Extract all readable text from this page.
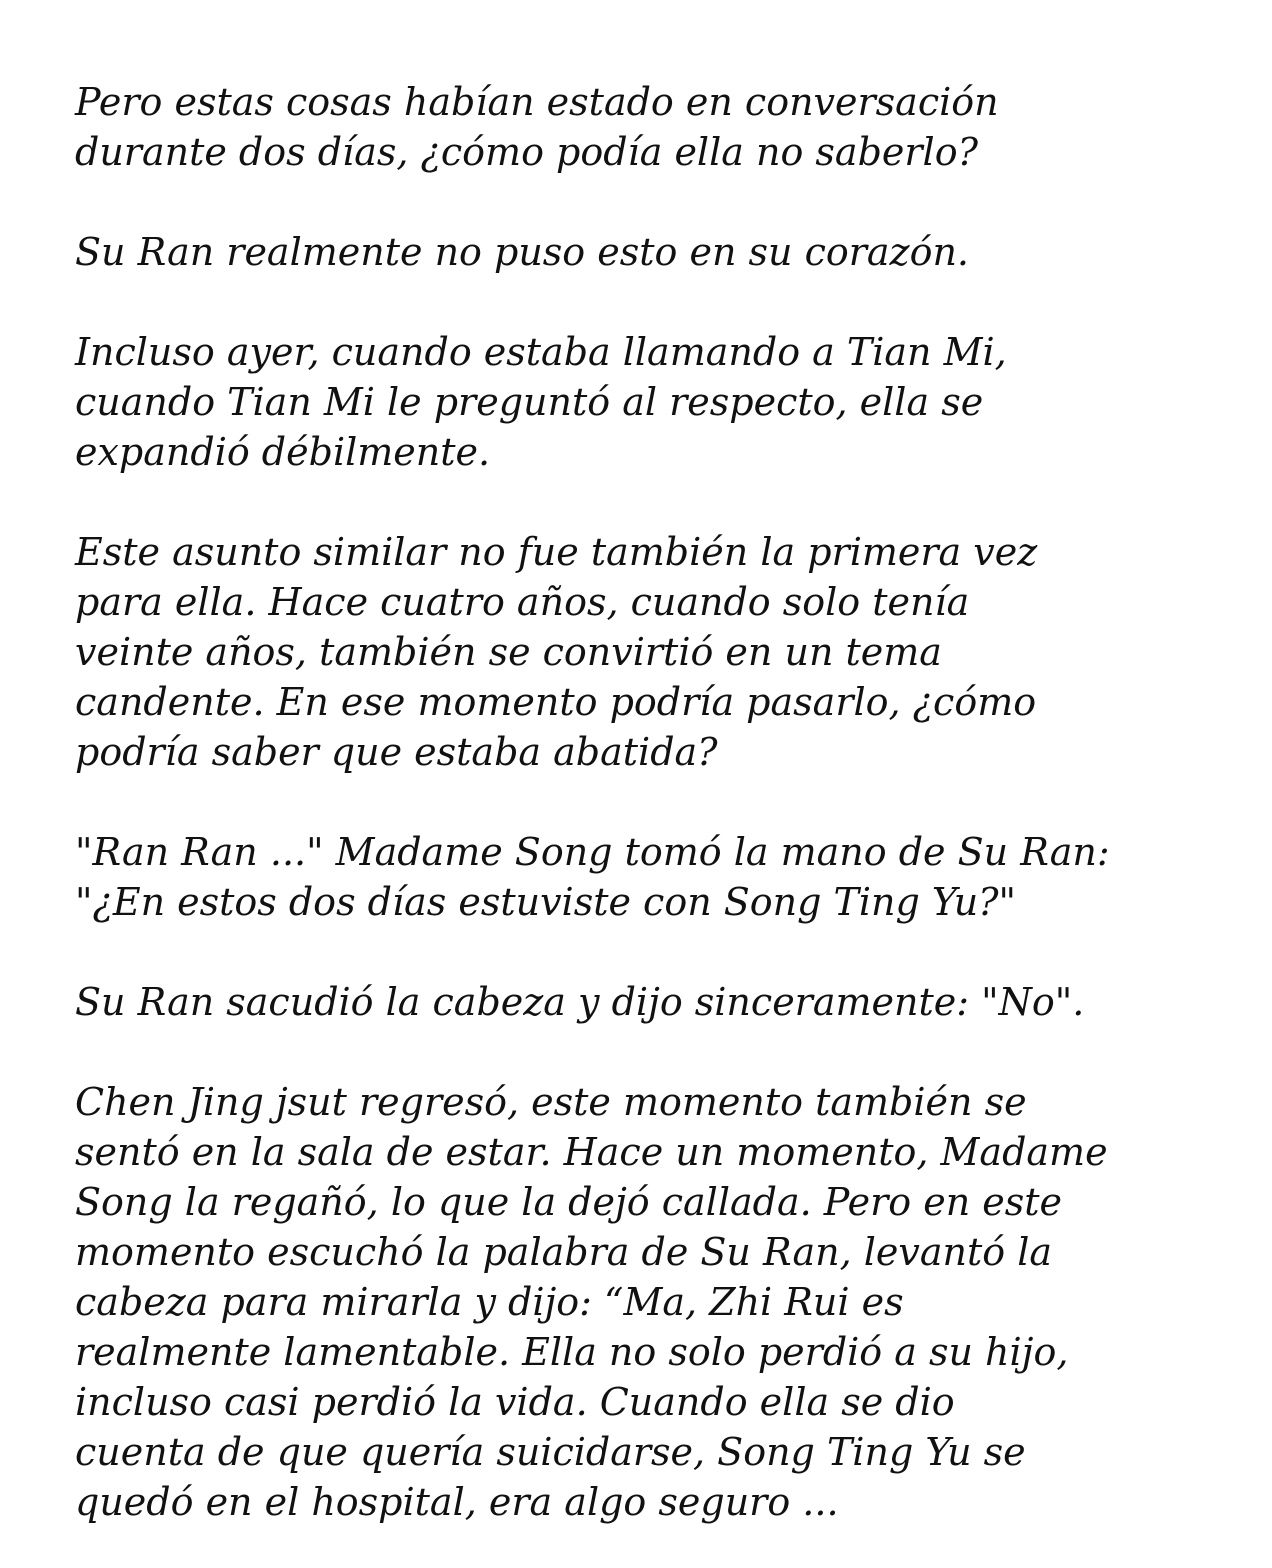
Pero estas cosas habían estado en conversación
durante dos días, ¿cómo podía ella no saberlo?

Su Ran realmente no puso esto en su corazón.

Incluso ayer, cuando estaba llamando a Tian Mi,
cuando Tian Mi le preguntó al respecto, ella se
expandió débilmente.

Este asunto similar no fue también la primera vez
para ella. Hace cuatro años, cuando solo tenía
veinte años, también se convirtió en un tema
candente. En ese momento podría pasarlo, ¿cómo
podría saber que estaba abatida?

"Ran Ran ..." Madame Song tomó la mano de Su Ran:
"¿En estos dos días estuviste con Song Ting Yu?"

Su Ran sacudió la cabeza y dijo sinceramente: "No".

Chen Jing jsut regresó, este momento también se
sentó en la sala de estar. Hace un momento, Madame
Song la regañó, lo que la dejó callada. Pero en este
momento escuchó la palabra de Su Ran, levantó la
cabeza para mirarla y dijo: “Ma, Zhi Rui es
realmente lamentable. Ella no solo perdió a su hijo,
incluso casi perdió la vida. Cuando ella se dio
cuenta de que quería suicidarse, Song Ting Yu se
quedó en el hospital, era algo seguro ...
